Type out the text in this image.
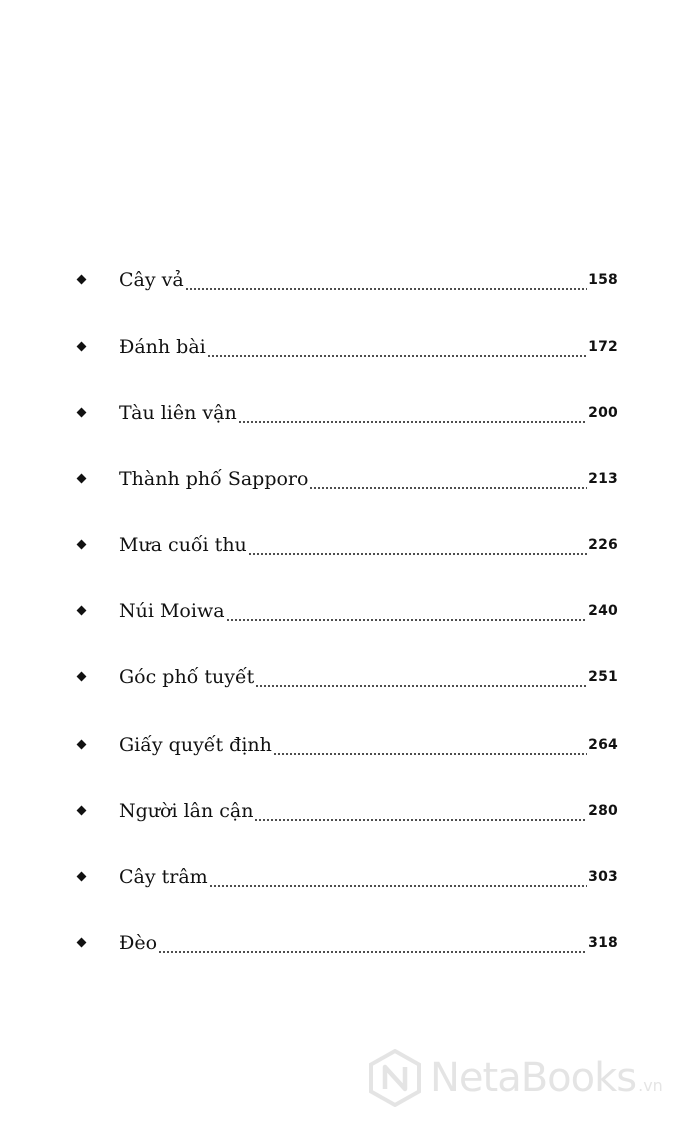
Cây vả	158
Đánh bài	172
Tàu liên vận	200
Thành phố Sapporo	213
Mưa cuối thu	226
Núi Moiwa	240
Góc phố tuyết	251
Giấy quyết định	264
Người lân cận	280
Cây trâm	303
Đèo	318
NetaBooks .vn
